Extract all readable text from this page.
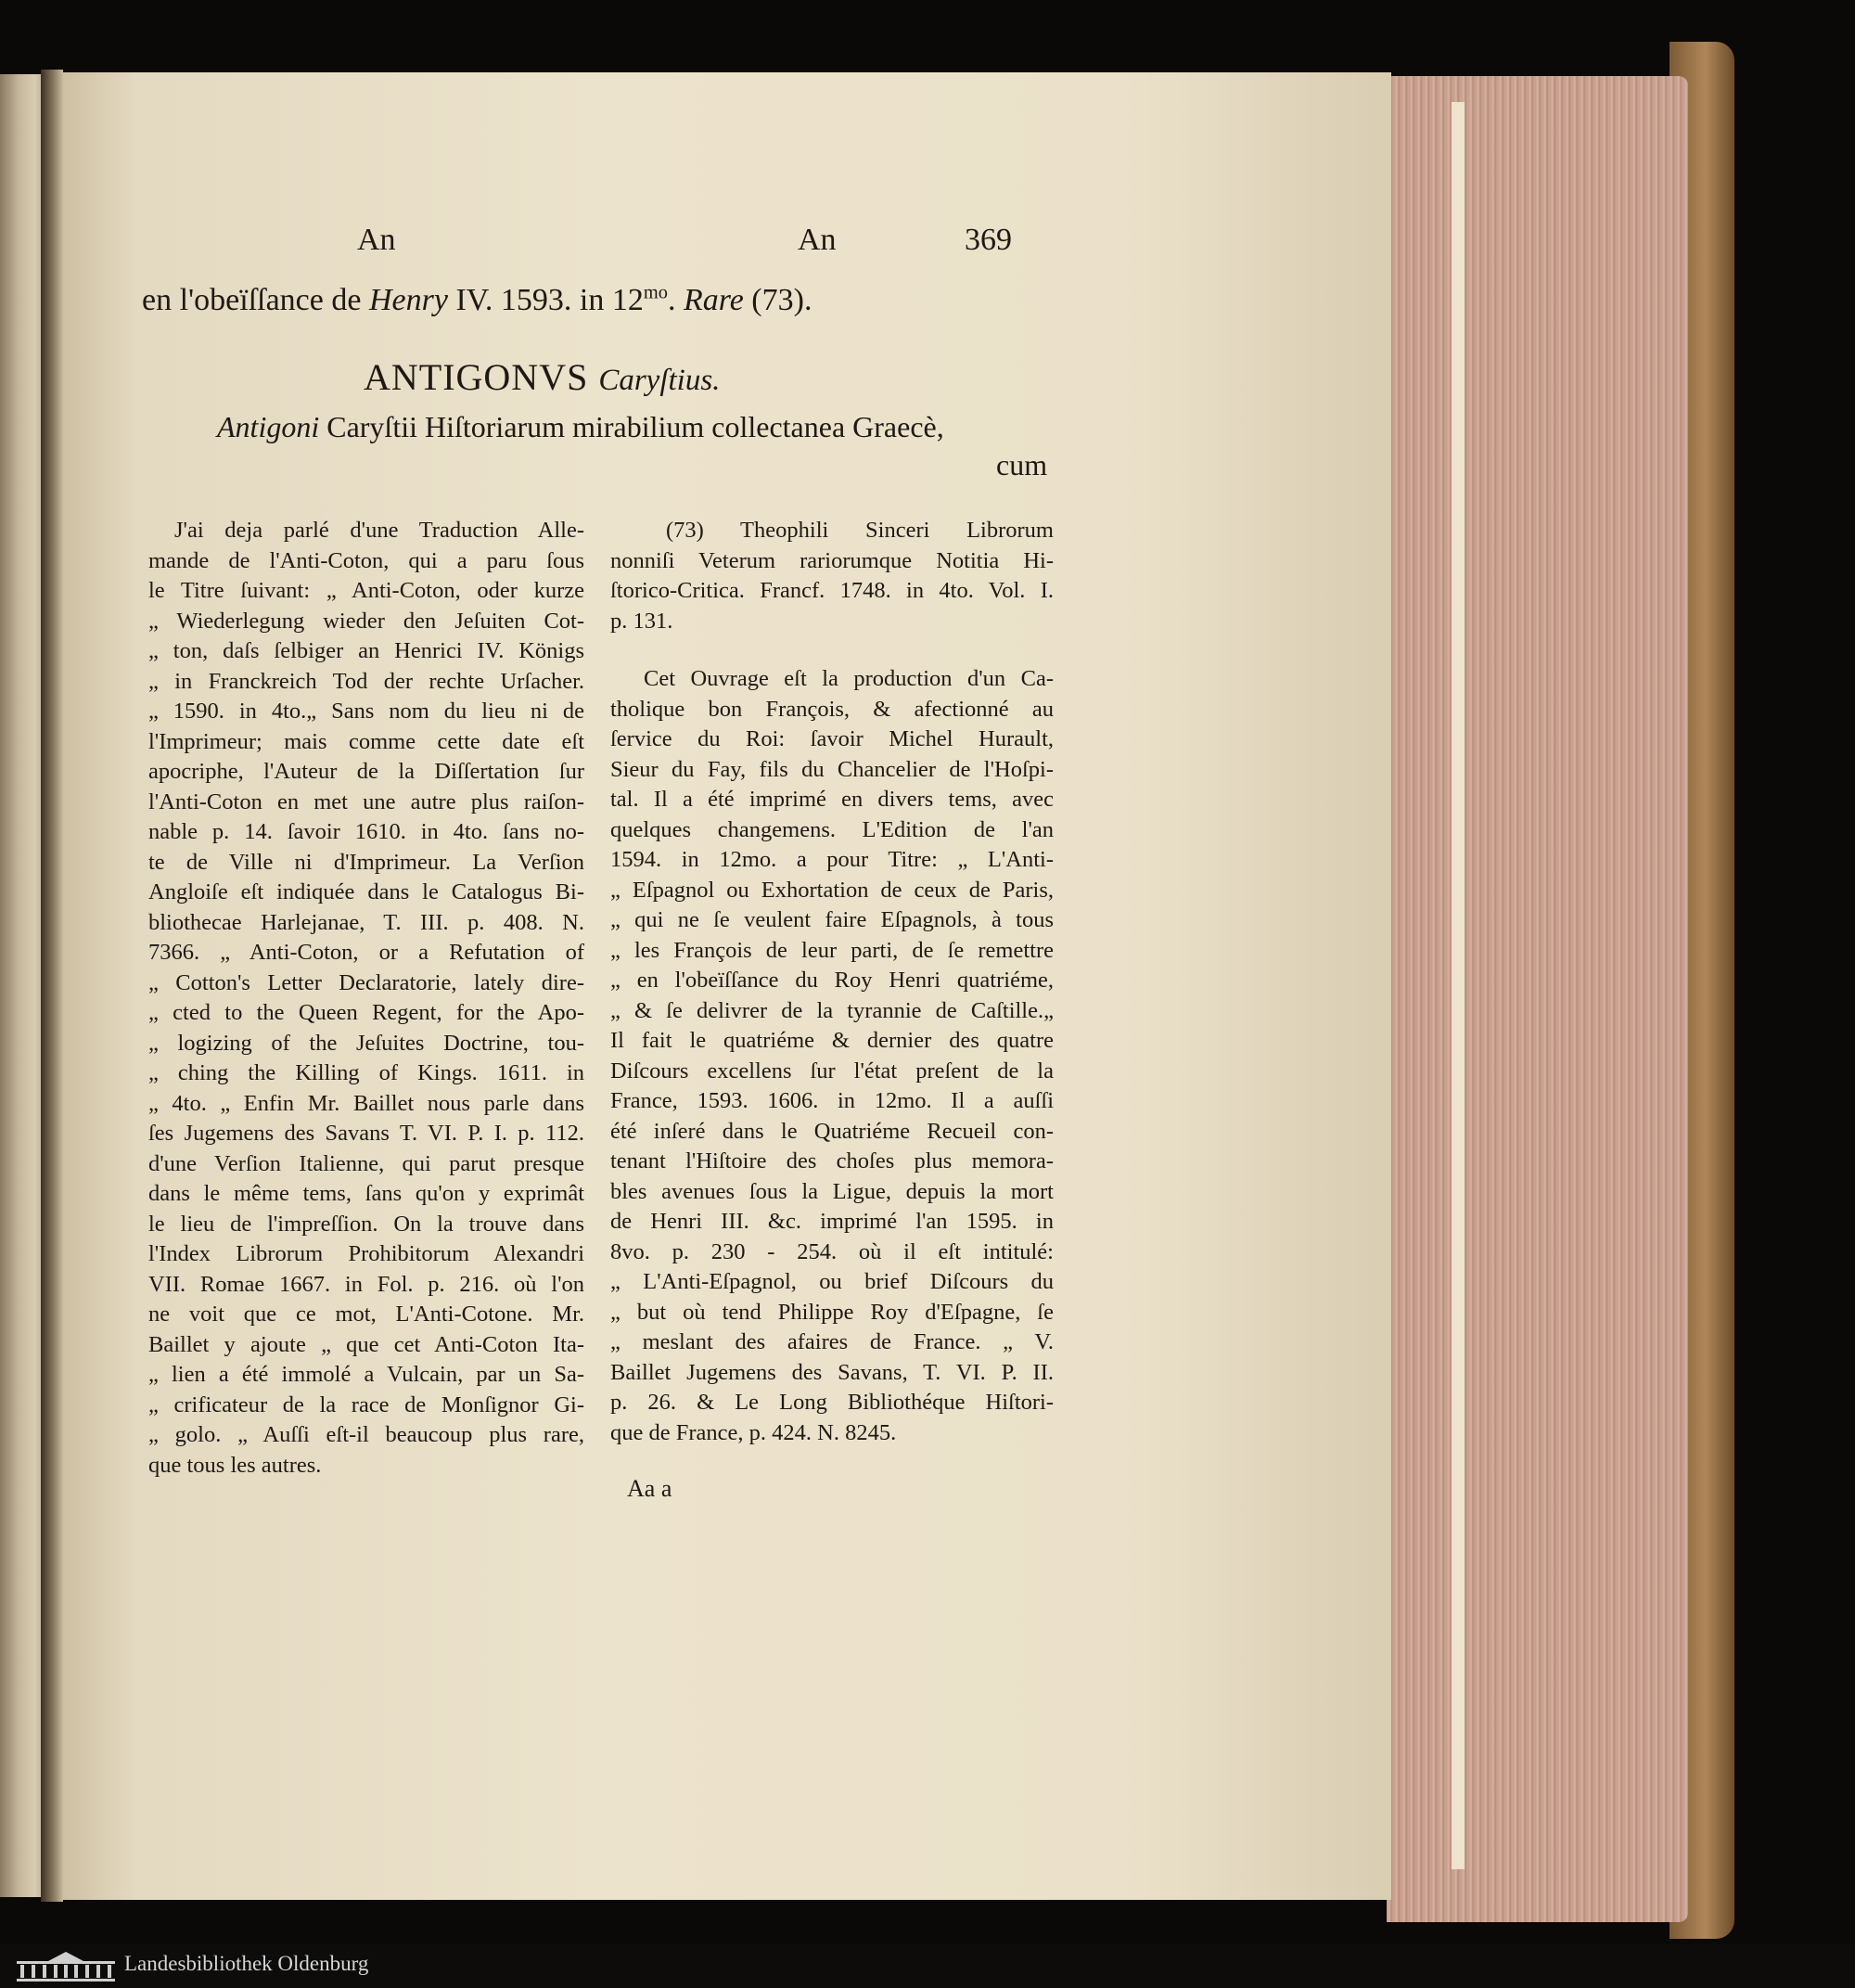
An	An	369
en l'obeïſſance de Henry IV. 1593. in $12^{mo}$. Rare (73).
ANTIGONVS Caryſtius.
Antigoni Caryſtii Hiſtoriarum mirabilium collectanea Graecè,
cum

J'ai deja parlé d'une Traduction Alle-

mande de l'Anti-Coton, qui a paru ſous

le Titre ſuivant: „ Anti-Coton, oder kurze

„ Wiederlegung wieder den Jeſuiten Cot-

„ ton, daſs ſelbiger an Henrici IV. Königs

„ in Franckreich Tod der rechte Urſacher.

„ 1590. in 4to.„ Sans nom du lieu ni de

l'Imprimeur; mais comme cette date eſt

apocriphe, l'Auteur de la Diſſertation ſur

l'Anti-Coton en met une autre plus raiſon-

nable p. 14. ſavoir 1610. in 4to. ſans no-

te de Ville ni d'Imprimeur. La Verſion

Angloiſe eſt indiquée dans le Catalogus Bi-

bliothecae Harlejanae, T. III. p. 408. N.

7366. „ Anti-Coton, or a Refutation of

„ Cotton's Letter Declaratorie, lately dire-

„ cted to the Queen Regent, for the Apo-

„ logizing of the Jeſuites Doctrine, tou-

„ ching the Killing of Kings. 1611. in

„ 4to. „ Enfin Mr. Baillet nous parle dans

ſes Jugemens des Savans T. VI. P. I. p. 112.

d'une Verſion Italienne, qui parut presque

dans le même tems, ſans qu'on y exprimât

le lieu de l'impreſſion. On la trouve dans

l'Index Librorum Prohibitorum Alexandri

VII. Romae 1667. in Fol. p. 216. où l'on

ne voit que ce mot, L'Anti-Cotone. Mr.

Baillet y ajoute „ que cet Anti-Coton Ita-

„ lien a été immolé a Vulcain, par un Sa-

„ crificateur de la race de Monſignor Gi-

„ golo. „ Auſſi eſt-il beaucoup plus rare,

que tous les autres.

(73) Theophili Sinceri Librorum

nonniſi Veterum rariorumque Notitia Hi-

ſtorico-Critica. Francf. 1748. in 4to. Vol. I.

p. 131.

Cet Ouvrage eſt la production d'un Ca-

tholique bon François, & afectionné au

ſervice du Roi: ſavoir Michel Hurault,

Sieur du Fay, fils du Chancelier de l'Hoſpi-

tal. Il a été imprimé en divers tems, avec

quelques changemens. L'Edition de l'an

1594. in 12mo. a pour Titre: „ L'Anti-

„ Eſpagnol ou Exhortation de ceux de Paris,

„ qui ne ſe veulent faire Eſpagnols, à tous

„ les François de leur parti, de ſe remettre

„ en l'obeïſſance du Roy Henri quatriéme,

„ & ſe delivrer de la tyrannie de Caſtille.„

Il fait le quatriéme & dernier des quatre

Diſcours excellens ſur l'état preſent de la

France, 1593. 1606. in 12mo. Il a auſſi

été inſeré dans le Quatriéme Recueil con-

tenant l'Hiſtoire des choſes plus memora-

bles avenues ſous la Ligue, depuis la mort

de Henri III. &c. imprimé l'an 1595. in

8vo. p. 230 - 254. où il eſt intitulé:

„ L'Anti-Eſpagnol, ou brief Diſcours du

„ but où tend Philippe Roy d'Eſpagne, ſe

„ meslant des afaires de France. „ V.

Baillet Jugemens des Savans, T. VI. P. II.

p. 26. & Le Long Bibliothéque Hiſtori-

que de France, p. 424. N. 8245.

Aa a
Landesbibliothek Oldenburg
